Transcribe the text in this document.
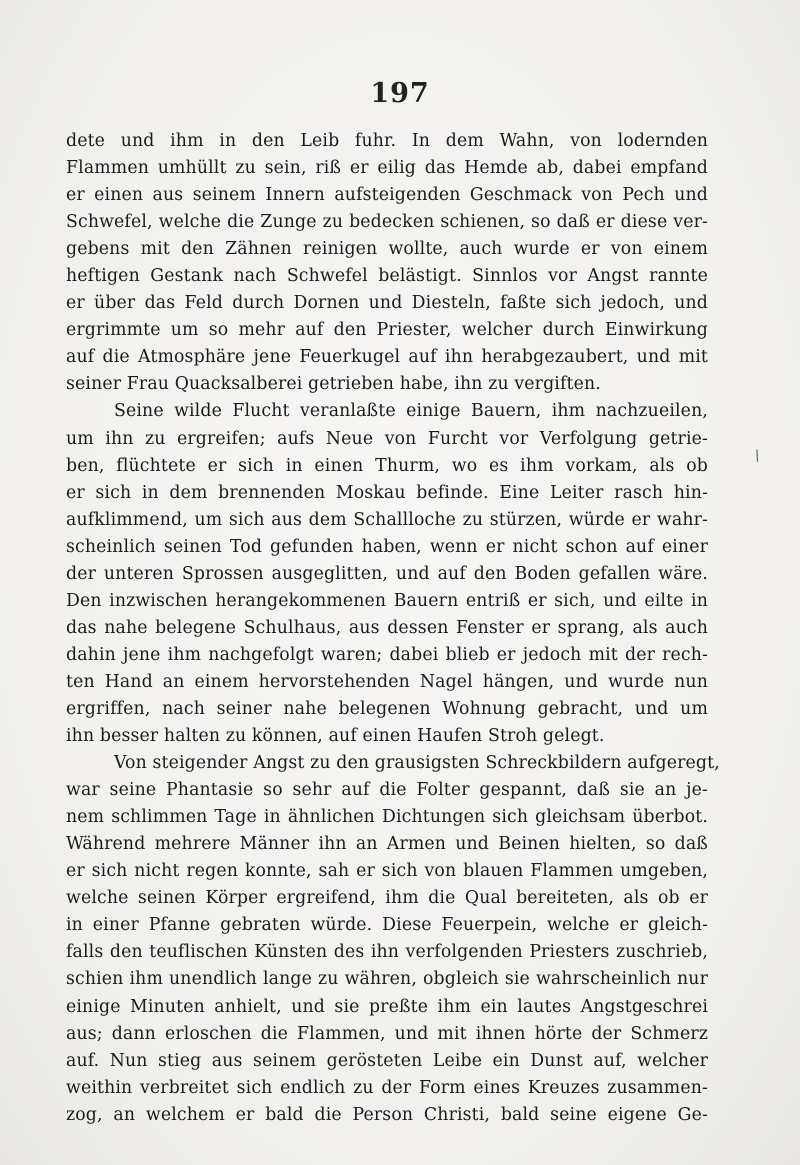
197
dete und ihm in den Leib fuhr. In dem Wahn, von lodernden
Flammen umhüllt zu sein, riß er eilig das Hemde ab, dabei empfand
er einen aus seinem Innern aufsteigenden Geschmack von Pech und
Schwefel, welche die Zunge zu bedecken schienen, so daß er diese ver-
gebens mit den Zähnen reinigen wollte, auch wurde er von einem
heftigen Gestank nach Schwefel belästigt. Sinnlos vor Angst rannte
er über das Feld durch Dornen und Diesteln, faßte sich jedoch, und
ergrimmte um so mehr auf den Priester, welcher durch Einwirkung
auf die Atmosphäre jene Feuerkugel auf ihn herabgezaubert, und mit
seiner Frau Quacksalberei getrieben habe, ihn zu vergiften.
Seine wilde Flucht veranlaßte einige Bauern, ihm nachzueilen,
um ihn zu ergreifen; aufs Neue von Furcht vor Verfolgung getrie-
ben, flüchtete er sich in einen Thurm, wo es ihm vorkam, als ob
er sich in dem brennenden Moskau befinde. Eine Leiter rasch hin-
aufklimmend, um sich aus dem Schallloche zu stürzen, würde er wahr-
scheinlich seinen Tod gefunden haben, wenn er nicht schon auf einer
der unteren Sprossen ausgeglitten, und auf den Boden gefallen wäre.
Den inzwischen herangekommenen Bauern entriß er sich, und eilte in
das nahe belegene Schulhaus, aus dessen Fenster er sprang, als auch
dahin jene ihm nachgefolgt waren; dabei blieb er jedoch mit der rech-
ten Hand an einem hervorstehenden Nagel hängen, und wurde nun
ergriffen, nach seiner nahe belegenen Wohnung gebracht, und um
ihn besser halten zu können, auf einen Haufen Stroh gelegt.
Von steigender Angst zu den grausigsten Schreckbildern aufgeregt,
war seine Phantasie so sehr auf die Folter gespannt, daß sie an je-
nem schlimmen Tage in ähnlichen Dichtungen sich gleichsam überbot.
Während mehrere Männer ihn an Armen und Beinen hielten, so daß
er sich nicht regen konnte, sah er sich von blauen Flammen umgeben,
welche seinen Körper ergreifend, ihm die Qual bereiteten, als ob er
in einer Pfanne gebraten würde. Diese Feuerpein, welche er gleich-
falls den teuflischen Künsten des ihn verfolgenden Priesters zuschrieb,
schien ihm unendlich lange zu währen, obgleich sie wahrscheinlich nur
einige Minuten anhielt, und sie preßte ihm ein lautes Angstgeschrei
aus; dann erloschen die Flammen, und mit ihnen hörte der Schmerz
auf. Nun stieg aus seinem gerösteten Leibe ein Dunst auf, welcher
weithin verbreitet sich endlich zu der Form eines Kreuzes zusammen-
zog, an welchem er bald die Person Christi, bald seine eigene Ge-
/
